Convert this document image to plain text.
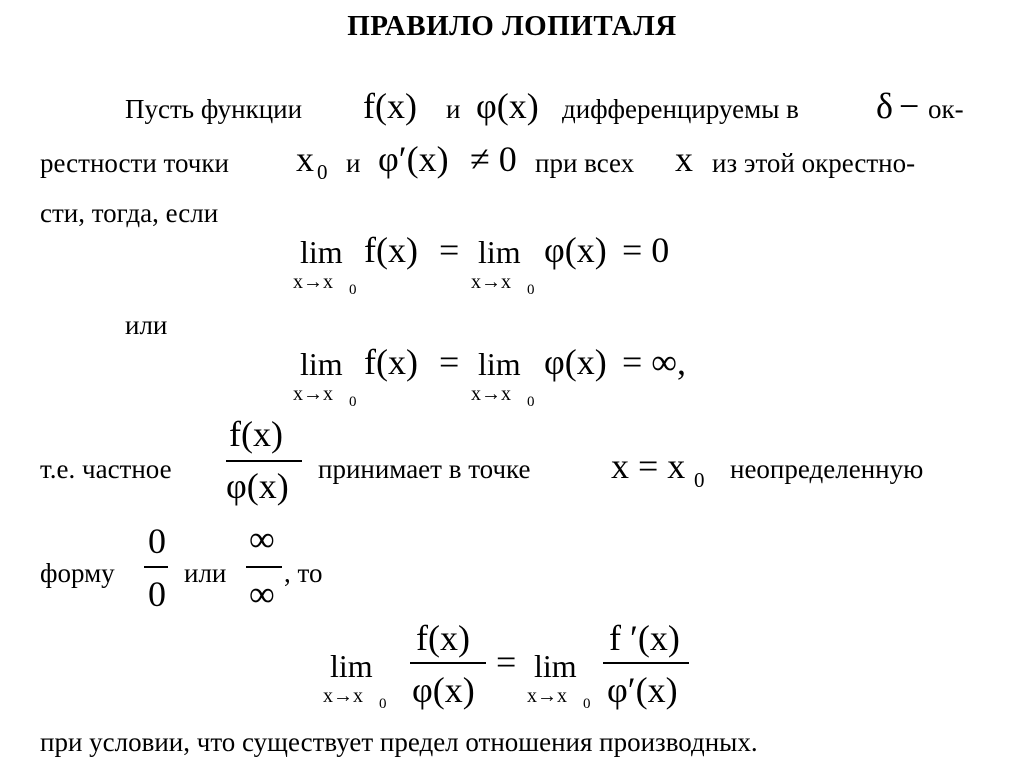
ПРАВИЛО ЛОПИТАЛЯ
Пусть функции f(x) и φ(x) дифференцируемы в δ − ок-
рестности точки x 0 и φ′(x) ≠ 0 при всех x из этой окрестно-
сти, тогда, если
lim
x→x 0
f(x) = lim
x→x 0
φ(x) = 0
или
lim
x→x 0
f(x) = lim
x→x 0
φ(x) = ∞,
т.е. частное
f(x)
φ(x) принимает в точке x = x 0 неопределенную
форму
0
0
или
∞
∞
, то
lim
x→x 0
f(x)
φ(x)
= lim
x→x 0
f ′(x)
φ′(x)
при условии, что существует предел отношения производных.
